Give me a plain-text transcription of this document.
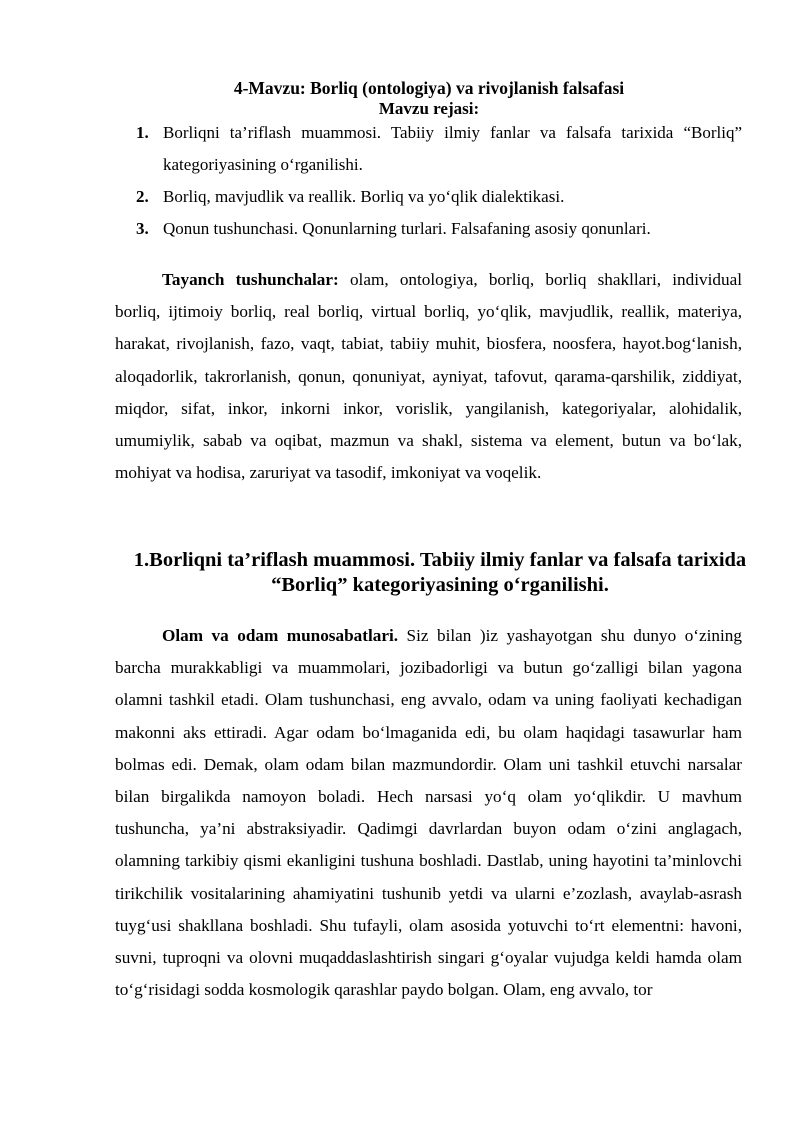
4-Mavzu: Borliq (ontologiya) va rivojlanish falsafasi
Mavzu rejasi:
1. Borliqni ta’riflash muammosi. Tabiiy ilmiy fanlar va falsafa tarixida “Borliq” kategoriyasining o‘rganilishi.
2. Borliq, mavjudlik va reallik. Borliq va yo‘qlik dialektikasi.
3. Qonun tushunchasi. Qonunlarning turlari. Falsafaning asosiy qonunlari.

Tayanch tushunchalar: olam, ontologiya, borliq, borliq shakllari, individual borliq, ijtimoiy borliq, real borliq, virtual borliq, yo‘qlik, mavjudlik, reallik, materiya, harakat, rivojlanish, fazo, vaqt, tabiat, tabiiy muhit, biosfera, noosfera, hayot.bog‘lanish, aloqadorlik, takrorlanish, qonun, qonuniyat, ayniyat, tafovut, qarama-qarshilik, ziddiyat, miqdor, sifat, inkor, inkorni inkor, vorislik, yangilanish, kategoriyalar, alohidalik, umumiylik, sabab va oqibat, mazmun va shakl, sistema va element, butun va bo‘lak, mohiyat va hodisa, zaruriyat va tasodif, imkoniyat va voqelik.

1.Borliqni ta’riflash muammosi. Tabiiy ilmiy fanlar va falsafa tarixida “Borliq” kategoriyasining o‘rganilishi.

Olam va odam munosabatlari. Siz bilan )iz yashayotgan shu dunyo o‘zining barcha murakkabligi va muammolari, jozibadorligi va butun go‘zalligi bilan yagona olamni tashkil etadi. Olam tushunchasi, eng avvalo, odam va uning faoliyati kechadigan makonni aks ettiradi. Agar odam bo‘lmaganida edi, bu olam haqidagi tasawurlar ham bolmas edi. Demak, olam odam bilan mazmundordir. Olam uni tashkil etuvchi narsalar bilan birgalikda namoyon boladi. Hech narsasi yo‘q olam yo‘qlikdir. U mavhum tushuncha, ya’ni abstraksiyadir. Qadimgi davrlardan buyon odam o‘zini anglagach, olamning tarkibiy qismi ekanligini tushuna boshladi. Dastlab, uning hayotini ta’minlovchi tirikchilik vositalarining ahamiyatini tushunib yetdi va ularni e’zozlash, avaylab-asrash tuyg‘usi shakllana boshladi. Shu tufayli, olam asosida yotuvchi to‘rt elementni: havoni, suvni, tuproqni va olovni muqaddaslashtirish singari g‘oyalar vujudga keldi hamda olam to‘g‘risidagi sodda kosmologik qarashlar paydo bolgan. Olam, eng avvalo, tor
